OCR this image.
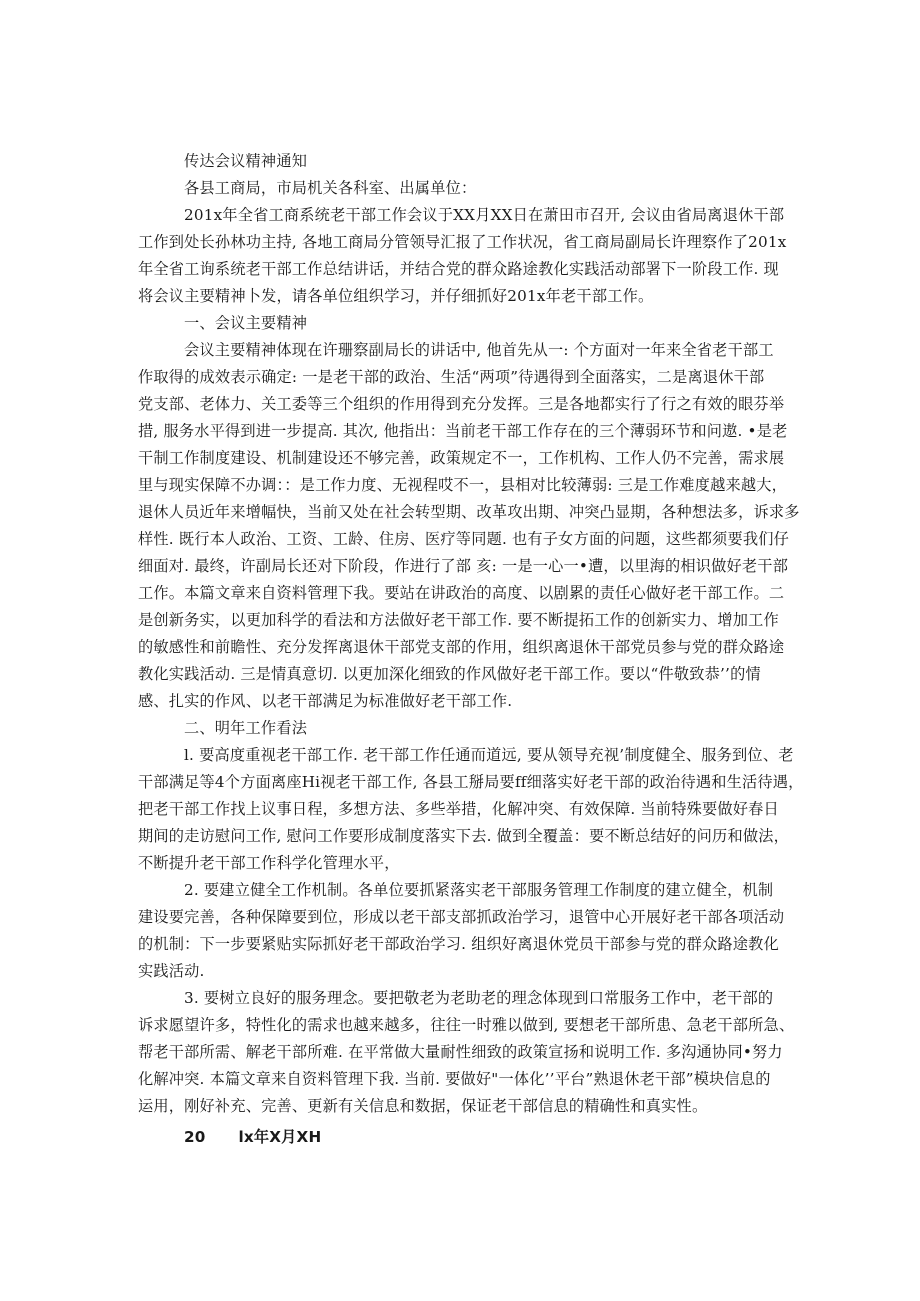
传达会议精神通知
各县工商局，市局机关各科室、出属单位：
201x年全省工商系统老干部工作会议于XX月XX日在萧田市召开, 会议由省局离退休干部
工作到处长孙林功主持, 各地工商局分管领导汇报了工作状况，省工商局副局长许理察作了201x
年全省工询系统老干部工作总结讲话，并结合党的群众路途教化实践活动部署下一阶段工作. 现
将会议主要精神卜发，请各单位组织学习，并仔细抓好201x年老干部工作。
一、会议主要精神
会议主要精神体现在许珊察副局长的讲话中, 他首先从一: 个方面对一年来全省老干部工
作取得的成效表示确定: 一是老干部的政治、生活“两项”待遇得到全面落实，二是离退休干部
党支部、老体力、关工委等三个组织的作用得到充分发挥。三是各地都实行了行之有效的眼芬举
措, 服务水平得到进一步提高. 其次, 他指出：当前老干部工作存在的三个薄弱环节和问遨. •是老
干制工作制度建设、机制建设还不够完善，政策规定不一，工作机构、工作人仍不完善，需求展
里与现实保障不办调：：是工作力度、无视程哎不一，县相对比较薄弱: 三是工作难度越来越大，
退休人员近年来增幅快，当前又处在社会转型期、改革攻出期、冲突凸显期，各种想法多，诉求多
样性. 既行本人政治、工资、工龄、住房、医疗等同题. 也有子女方面的问题，这些都须要我们仔
细面对. 最终，许副局长还对下阶段，作进行了部 亥: 一是一心一•遭，以里海的相识做好老干部
工作。本篇文章来自资料管理下我。要站在讲政治的高度、以剧累的责任心做好老干部工作。二
是创新务实，以更加科学的看法和方法做好老干部工作. 要不断提拓工作的创新实力、增加工作
的敏感性和前瞻性、充分发挥离退休干部党支部的作用，组织离退休干部党员参与党的群众路途
教化实践活动. 三是情真意切. 以更加深化细致的作风做好老干部工作。要以“件敬致恭’’的情
感、扎实的作风、以老干部满足为标准做好老干部工作.
二、明年工作看法
l. 要高度重视老干部工作. 老干部工作任通而道远, 要从领导充视’制度健全、服务到位、老
干部满足等4个方面离座Hi视老干部工作, 各县工掰局要ff细落实好老干部的政治待遇和生活待遇，
把老干部工作找上议事日程，多想方法、多些举措，化解冲突、有效保障. 当前特殊要做好春日
期间的走访慰问工作, 慰问工作要形成制度落实下去. 做到全覆盖：要不断总结好的问历和做法，
不断提升老干部工作科学化管理水平，
2. 要建立健全工作机制。各单位要抓紧落实老干部服务管理工作制度的建立健全，机制
建设要完善，各种保障要到位，形成以老干部支部抓政治学习，退管中心开展好老干部各项活动
的机制：下一步要紧贴实际抓好老干部政治学习. 组织好离退休党员干部参与党的群众路途教化
实践活动.
3. 要树立良好的服务理念。要把敬老为老助老的理念体现到口常服务工作中，老干部的
诉求愿望许多，特性化的需求也越来越多，往往一时雅以做到, 要想老干部所患、急老干部所急、
帮老干部所需、解老干部所难. 在平常做大量耐性细致的政策宣扬和说明工作. 多沟通协同•努力
化解冲突. 本篇文章来自资料管理下我. 当前. 要做好"一体化’’平台”熟退休老干部”模块信息的
运用，刚好补充、完善、更新有关信息和数据，保证老干部信息的精确性和真实性。
20      lx年X月XH
